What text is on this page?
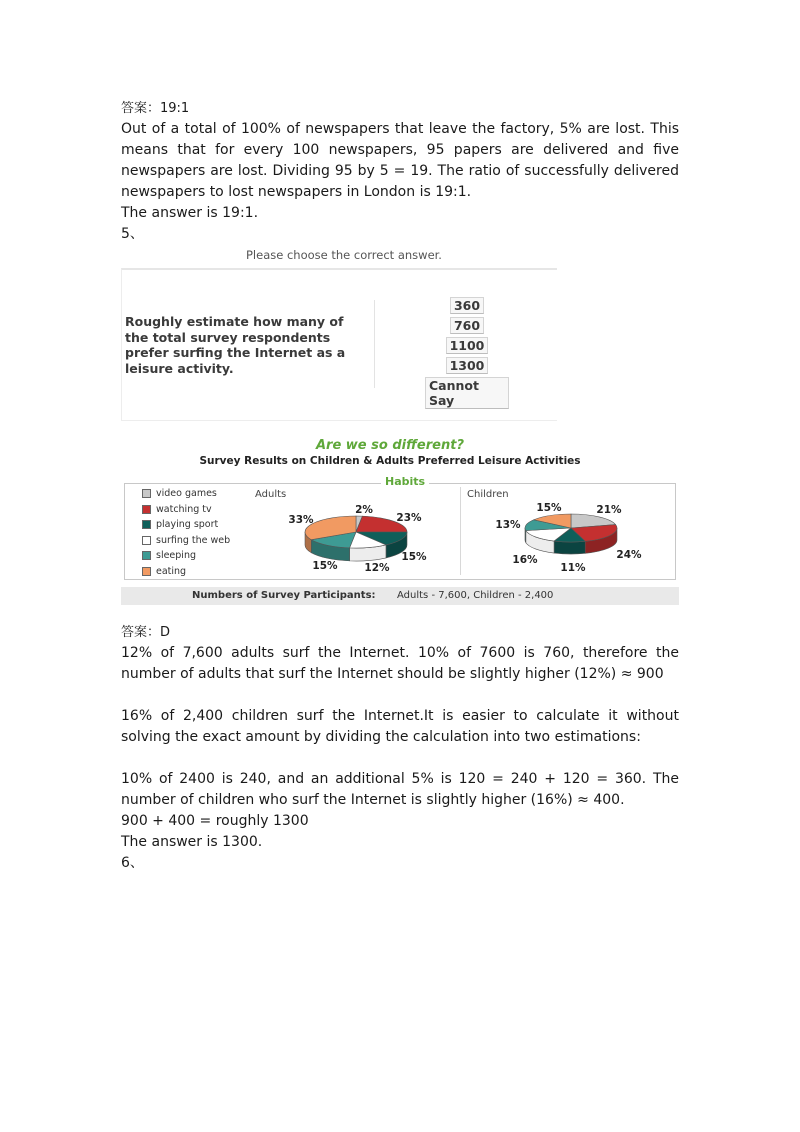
答案：19:1
Out of a total of 100% of newspapers that leave the factory, 5% are lost. This means that for every 100 newspapers, 95 papers are delivered and five newspapers are lost. Dividing 95 by 5 = 19. The ratio of successfully delivered newspapers to lost newspapers in London is 19:1.
The answer is 19:1.
5、
Please choose the correct answer.
Roughly estimate how many of the total survey respondents prefer surfing the Internet as a leisure activity.
360
760
1100
1300
Cannot Say
Are we so different?
Survey Results on Children & Adults Preferred Leisure Activities
Habits
video games
watching tv
playing sport
surfing the web
sleeping
eating
Adults	Children
2%
23%
15%
12%
15%
33%
21%
24%
11%
16%
13%
15%
Numbers of Survey Participants: Adults - 7,600, Children - 2,400
答案：D
12% of 7,600 adults surf the Internet. 10% of 7600 is 760, therefore the number of adults that surf the Internet should be slightly higher (12%) ≈ 900
16% of 2,400 children surf the Internet.It is easier to calculate it without solving the exact amount by dividing the calculation into two estimations:
10% of 2400 is 240, and an additional 5% is 120 = 240 + 120 = 360. The number of children who surf the Internet is slightly higher (16%) ≈ 400.
900 + 400 = roughly 1300
The answer is 1300.
6、
